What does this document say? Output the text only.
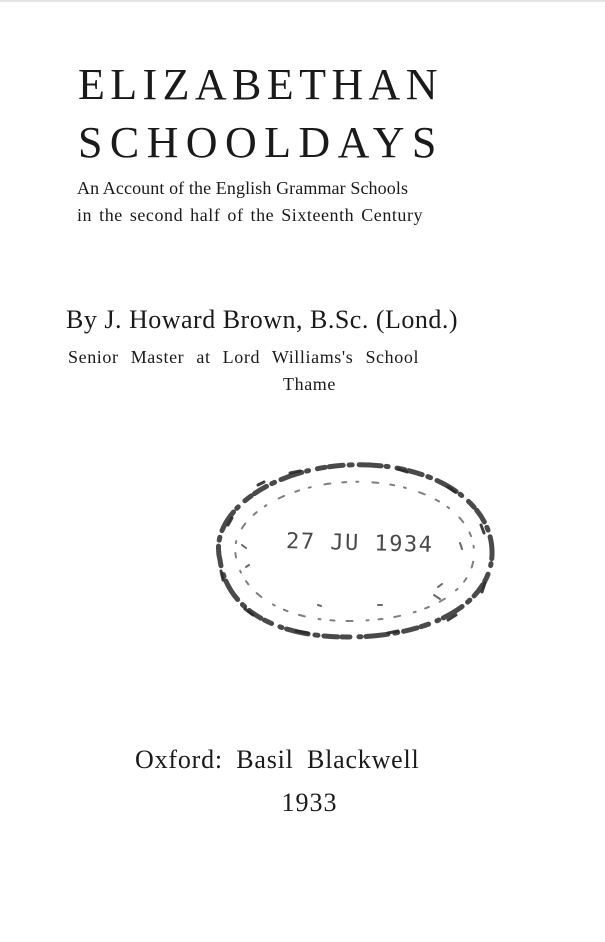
ELIZABETHAN
SCHOOLDAYS

An Account of the English Grammar Schools

in the second half of the Sixteenth Century

By J. Howard Brown, B.Sc. (Lond.)

Senior Master at Lord Williams's School
Thame
27 JU 1934
Oxford: Basil Blackwell
1933
